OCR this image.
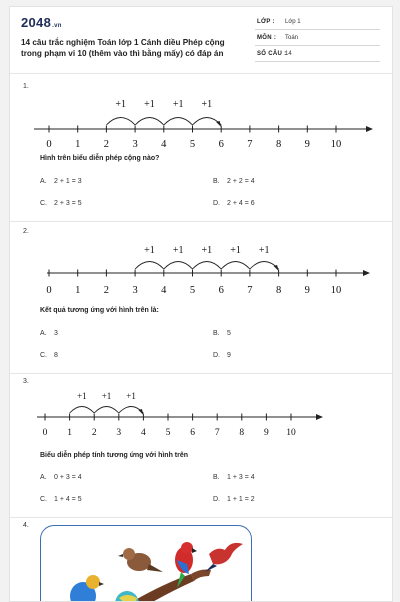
2048.vn
14 câu trắc nghiệm Toán lớp 1 Cánh diều Phép cộng trong phạm vi 10 (thêm vào thì bằng mấy) có đáp án
LỚP : Lớp 1
MÔN : Toán
SỐ CÂU :
14
1.
0 1 2 3 4 5 6 7 8 9 10
+1 +1 +1 +1
Hình trên biểu diễn phép cộng nào?
A. 2 + 1 = 3	B. 2 + 2 = 4
C. 2 + 3 = 5	D. 2 + 4 = 6
2.
0 1 2 3 4 5 6 7 8 9 10
+1 +1 +1 +1 +1
Kết quả tương ứng với hình trên là:
A. 3	B. 5
C. 8	D. 9
3.
0 1 2 3 4 5 6 7 8 9 10
+1 +1 +1
Biểu diễn phép tính tương ứng với hình trên
A. 0 + 3 = 4	B. 1 + 3 = 4
C. 1 + 4 = 5	D. 1 + 1 = 2
4.
